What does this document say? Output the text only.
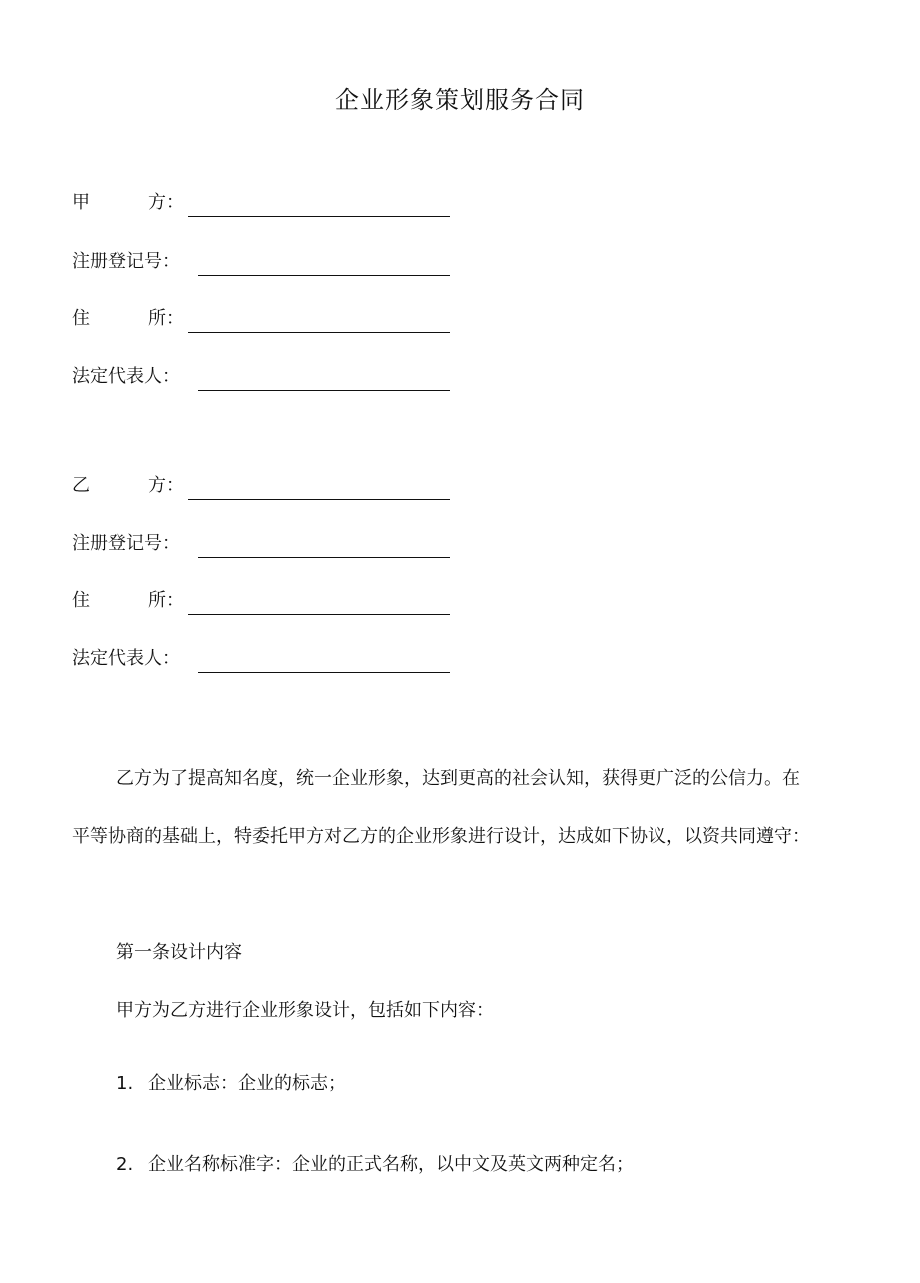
企业形象策划服务合同
甲	方：
注册登记号：
住	所：
法定代表人：
乙	方：
注册登记号：
住	所：
法定代表人：
乙方为了提高知名度，统一企业形象，达到更高的社会认知，获得更广泛的公信力。在平等协商的基础上，特委托甲方对乙方的企业形象进行设计，达成如下协议，以资共同遵守：
第一条设计内容
甲方为乙方进行企业形象设计，包括如下内容：
1. 企业标志：企业的标志；
2. 企业名称标准字：企业的正式名称，以中文及英文两种定名；
